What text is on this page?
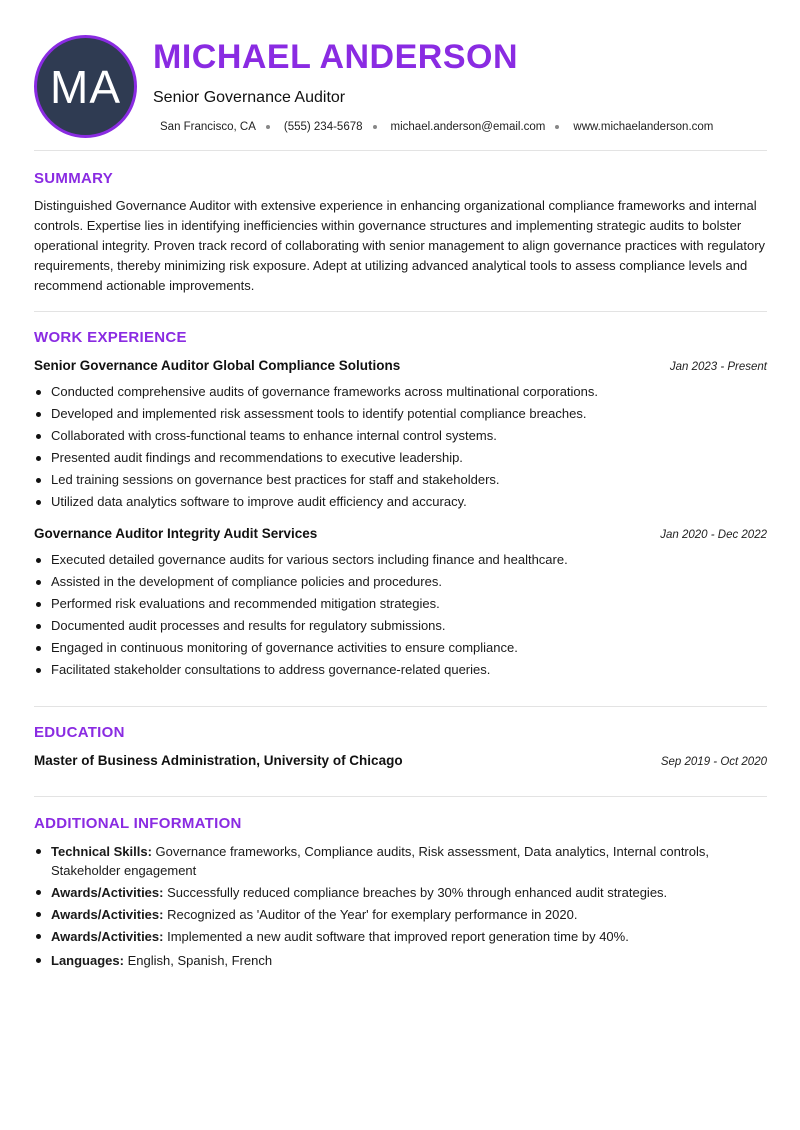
MA
MICHAEL ANDERSON
Senior Governance Auditor
San Francisco, CA (555) 234-5678 michael.anderson@email.com www.michaelanderson.com
SUMMARY

Distinguished Governance Auditor with extensive experience in enhancing organizational compliance frameworks and internal controls. Expertise lies in identifying inefficiencies within governance structures and implementing strategic audits to bolster operational integrity. Proven track record of collaborating with senior management to align governance practices with regulatory requirements, thereby minimizing risk exposure. Adept at utilizing advanced analytical tools to assess compliance levels and recommend actionable improvements.

WORK EXPERIENCE
Senior Governance Auditor Global Compliance Solutions	Jan 2023 - Present
Conducted comprehensive audits of governance frameworks across multinational corporations.
Developed and implemented risk assessment tools to identify potential compliance breaches.
Collaborated with cross-functional teams to enhance internal control systems.
Presented audit findings and recommendations to executive leadership.
Led training sessions on governance best practices for staff and stakeholders.
Utilized data analytics software to improve audit efficiency and accuracy.
Governance Auditor Integrity Audit Services	Jan 2020 - Dec 2022
Executed detailed governance audits for various sectors including finance and healthcare.
Assisted in the development of compliance policies and procedures.
Performed risk evaluations and recommended mitigation strategies.
Documented audit processes and results for regulatory submissions.
Engaged in continuous monitoring of governance activities to ensure compliance.
Facilitated stakeholder consultations to address governance-related queries.
EDUCATION
Master of Business Administration, University of Chicago	Sep 2019 - Oct 2020
ADDITIONAL INFORMATION
Technical Skills: Governance frameworks, Compliance audits, Risk assessment, Data analytics, Internal controls, Stakeholder engagement
Awards/Activities: Successfully reduced compliance breaches by 30% through enhanced audit strategies.
Awards/Activities: Recognized as 'Auditor of the Year' for exemplary performance in 2020.
Awards/Activities: Implemented a new audit software that improved report generation time by 40%.
Languages: English, Spanish, French
